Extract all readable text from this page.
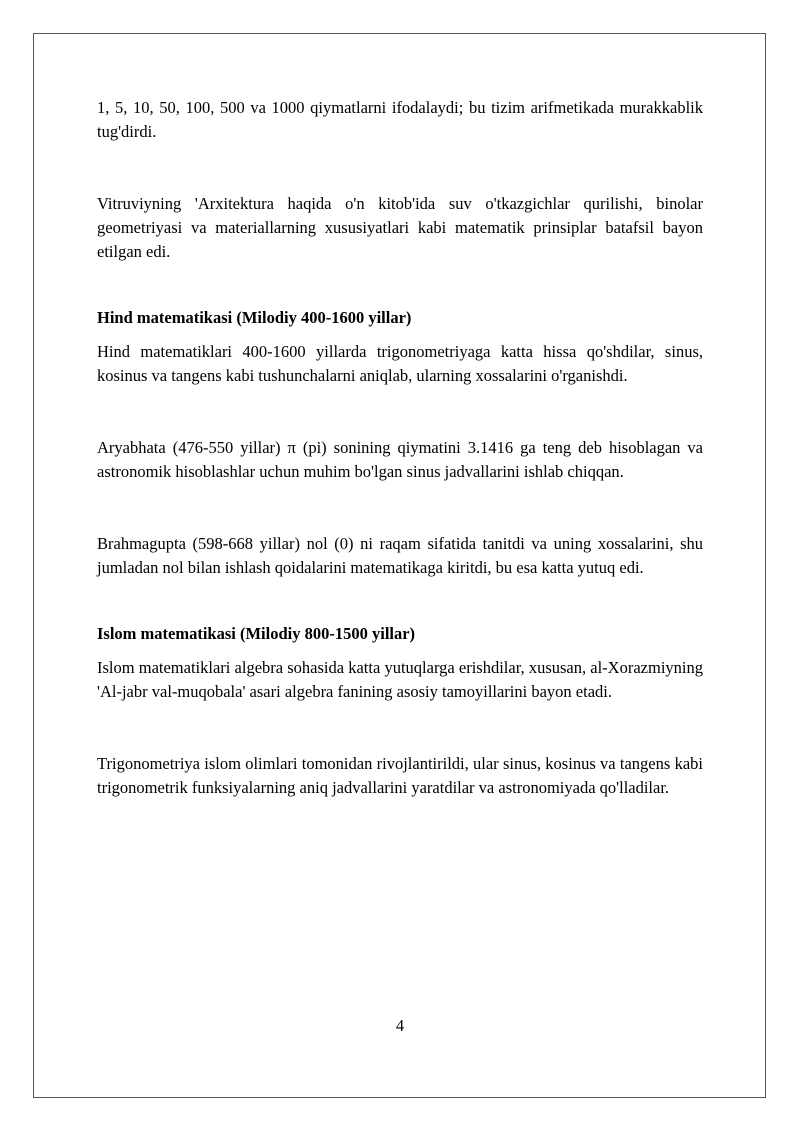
1, 5, 10, 50, 100, 500 va 1000 qiymatlarni ifodalaydi; bu tizim arifmetikada murakkablik tug'dirdi.

Vitruviyning 'Arxitektura haqida o'n kitob'ida suv o'tkazgichlar qurilishi, binolar geometriyasi va materiallarning xususiyatlari kabi matematik prinsiplar batafsil bayon etilgan edi.

Hind matematikasi (Milodiy 400-1600 yillar)

Hind matematiklari 400-1600 yillarda trigonometriyaga katta hissa qo'shdilar, sinus, kosinus va tangens kabi tushunchalarni aniqlab, ularning xossalarini o'rganishdi.

Aryabhata (476-550 yillar) π (pi) sonining qiymatini 3.1416 ga teng deb hisoblagan va astronomik hisoblashlar uchun muhim bo'lgan sinus jadvallarini ishlab chiqqan.

Brahmagupta (598-668 yillar) nol (0) ni raqam sifatida tanitdi va uning xossalarini, shu jumladan nol bilan ishlash qoidalarini matematikaga kiritdi, bu esa katta yutuq edi.

Islom matematikasi (Milodiy 800-1500 yillar)

Islom matematiklari algebra sohasida katta yutuqlarga erishdilar, xususan, al-Xorazmiyning 'Al-jabr val-muqobala' asari algebra fanining asosiy tamoyillarini bayon etadi.

Trigonometriya islom olimlari tomonidan rivojlantirildi, ular sinus, kosinus va tangens kabi trigonometrik funksiyalarning aniq jadvallarini yaratdilar va astronomiyada qo'lladilar.

4
